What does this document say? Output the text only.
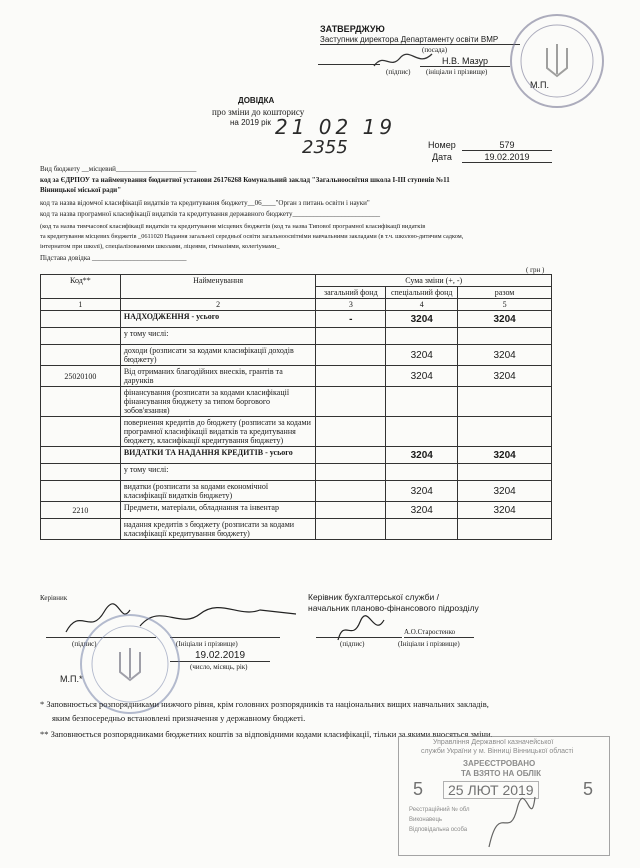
ЗАТВЕРДЖУЮ
Заступник директора Департаменту освіти ВМР
(посада)
Н.В. Мазур
(підпис) (ініціали і прізвище)
М.П.
ДОВІДКА
про зміни до кошторису
на 2019 рік 21 02 19
2355	Номер	579
Дата	19.02.2019
Вид бюджету __місцевий_______________________
код за ЄДРПОУ та найменування бюджетної установи 26176268 Комунальний заклад "Загальноосвітня школа І-ІІІ ступенів №11
Вінницької міської ради"
код та назва відомчої класифікації видатків та кредитування бюджету__06____"Орган з питань освіти і науки"
код та назва програмної класифікації видатків та кредитування державного бюджету_________________________
(код та назва тимчасової класифікації видатків та кредитування місцевих бюджетів (код та назва Типової програмної класифікації видатків
та кредитування місцевих бюджетів _0611020 Надання загальної середньої освіти загальноосвітніми навчальними закладами (в т.ч. школою-дитячим садком,
інтернатом при школі), спеціалізованими школами, ліцеями, гімназіями, колегіумами_
Підстава довідка ___________________________
( грн )
Код**	Найменування	Сума зміни (+, -)		
		загальний фонд	спеціальний фонд	разом
1	2	3	4	5
	НАДХОДЖЕННЯ - усього	-	3204	3204
	у тому числі:			
	доходи (розписати за кодами класифікації доходів бюджету)		3204	3204
25020100	Від отриманих благодійних внесків, грантів та дарунків		3204	3204
	фінансування (розписати за кодами класифікації фінансування бюджету за типом боргового зобов'язання)			
	повернення кредитів до бюджету (розписати за кодами програмної класифікації видатків та кредитування бюджету, класифікації кредитування бюджету)			
	ВИДАТКИ ТА НАДАННЯ КРЕДИТІВ - усього		3204	3204
	у тому числі:			
	видатки (розписати за кодами економічної класифікації видатків бюджету)		3204	3204
2210	Предмети, матеріали, обладнання та інвентар		3204	3204
	надання кредитів з бюджету (розписати за кодами класифікації кредитування бюджету)			
Керівник
(підпис)	(Ініціали і прізвище)
19.02.2019
(число, місяць, рік)
М.П.*
Керівник бухгалтерської служби /
начальник планово-фінансового підрозділу
А.О.Старостенко
(підпис)	(Ініціали і прізвище)
* Заповнюється розпорядниками нижчого рівня, крім головних розпорядників та національних вищих навчальних закладів,
яким безпосередньо встановлені призначення у державному бюджеті.
** Заповнюється розпорядниками бюджетних коштів за відповідними кодами класифікації, тільки за якими вносяться зміни.
Управління Державної казначейської
служби України у м. Вінниці Вінницької області
ЗАРЕЄСТРОВАНО
ТА ВЗЯТО НА ОБЛІК
5	25 ЛЮТ 2019	5
Реєстраційний № обл
Виконавець
Відповідальна особа
